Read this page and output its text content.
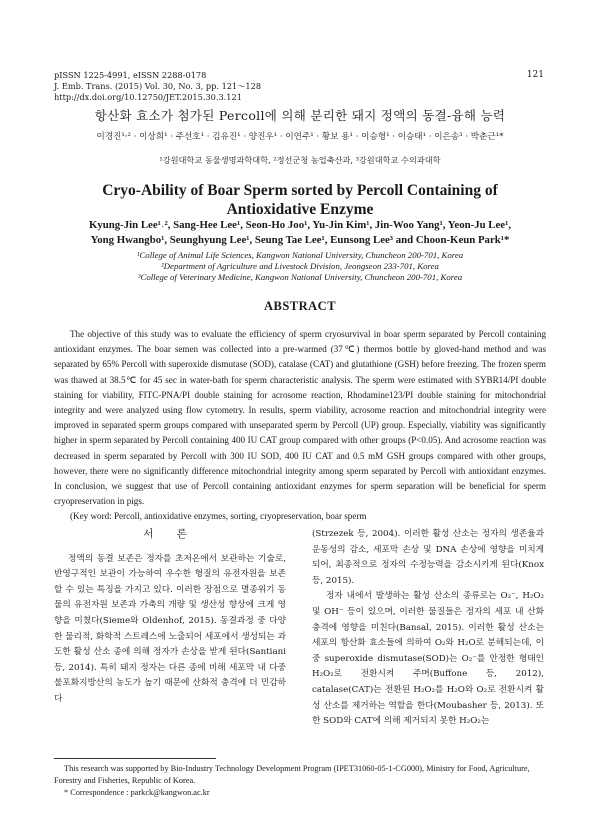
pISSN 1225-4991, eISSN 2288-0178
J. Emb. Trans. (2015) Vol. 30, No. 3, pp. 121～128
http://dx.doi.org/10.12750/JET.2015.30.3.121
121
항산화 효소가 첨가된 Percoll에 의해 분리한 돼지 정액의 동결-융해 능력
이경진¹˒² · 이상희¹ · 주선호¹ · 김유진¹ · 양진우¹ · 이연주¹ · 황보 용¹ · 이승형¹ · 이승태¹ · 이은송³ · 박춘근¹*
¹강원대학교 동물생명과학대학, ²정선군청 농업축산과, ³강원대학교 수의과대학
Cryo-Ability of Boar Sperm sorted by Percoll Containing of
Antioxidative Enzyme
Kyung-Jin Lee¹˒², Sang-Hee Lee¹, Seon-Ho Joo¹, Yu-Jin Kim¹, Jin-Woo Yang¹, Yeon-Ju Lee¹,
Yong Hwangbo¹, Seunghyung Lee¹, Seung Tae Lee¹, Eunsong Lee³ and Choon-Keun Park¹*
¹College of Animal Life Sciences, Kangwon National University, Chuncheon 200-701, Korea
²Department of Agriculture and Livestock Division, Jeongseon 233-701, Korea
³College of Veterinary Medicine, Kangwon National University, Chuncheon 200-701, Korea
ABSTRACT

The objective of this study was to evaluate the efficiency of sperm cryosurvival in boar sperm separated by Percoll containing antioxidant enzymes. The boar semen was collected into a pre-warmed (37℃) thermos bottle by gloved-hand method and was separated by 65% Percoll with superoxide dismutase (SOD), catalase (CAT) and glutathione (GSH) before freezing. The frozen sperm was thawed at 38.5℃ for 45 sec in water-bath for sperm characteristic analysis. The sperm were estimated with SYBR14/PI double staining for viability, FITC-PNA/PI double staining for acrosome reaction, Rhodamine123/PI double staining for mitochondrial integrity and were analyzed using flow cytometry. In results, sperm viability, acrosome reaction and mitochondrial integrity were improved in separated sperm groups compared with unseparated sperm by Percoll (UP) group. Especially, viability was significantly higher in sperm separated by Percoll containing 400 IU CAT group compared with other groups (P<0.05). And acrosome reaction was decreased in sperm separated by Percoll with 300 IU SOD, 400 IU CAT and 0.5 mM GSH groups compared with other groups, however, there were no significantly difference mitochondrial integrity among sperm separated by Percoll with antioxidant enzymes. In conclusion, we suggest that use of Percoll containing antioxidant enzymes for sperm separation will be beneficial for sperm cryopreservation in pigs.

(Key word: Percoll, antioxidative enzymes, sorting, cryopreservation, boar sperm

서 론

정액의 동결 보존은 정자를 초저온에서 보관하는 기술로, 반영구적인 보관이 가능하여 우수한 형질의 유전자원을 보존할 수 있는 특징을 가지고 있다. 이러한 장점으로 멸종위기 동물의 유전자원 보존과 가축의 개량 및 생산성 향상에 크게 영향을 미쳤다(Sieme와 Oldenhof, 2015). 동결과정 중 다양한 물리적, 화학적 스트레스에 노출되어 세포에서 생성되는 과도한 활성 산소 종에 의해 정자가 손상을 받게 된다(Santiani 등, 2014). 특히 돼지 정자는 다른 종에 비해 세포막 내 다중불포화지방산의 농도가 높기 때문에 산화적 충격에 더 민감하다

(Strzezek 등, 2004). 이러한 활성 산소는 정자의 생존율과 운동성의 감소, 세포막 손상 및 DNA 손상에 영향을 미치게 되어, 최종적으로 정자의 수정능력을 감소시키게 된다(Knox 등, 2015).

정자 내에서 발생하는 활성 산소의 종류로는 O₂⁻, H₂O₂ 및 OH⁻ 등이 있으며, 이러한 물질들은 정자의 세포 내 산화 충격에 영향을 미친다(Bansal, 2015). 이러한 활성 산소는 세포의 항산화 효소들에 의하여 O₂와 H₂O로 분해되는데, 이 중 superoxide dismutase(SOD)는 O₂⁻를 안정한 형태인 H₂O₂로 전환시켜 주며(Buffone 등, 2012), catalase(CAT)는 전환된 H₂O₂를 H₂O와 O₂로 전환시켜 활성 산소를 제거하는 역할을 한다(Moubasher 등, 2013). 또한 SOD와 CAT에 의해 제거되지 못한 H₂O₂는

This research was supported by Bio-Industry Technology Development Program (IPET31060-05-1-CG000), Ministry for Food, Agriculture, Forestry and Fisheries, Republic of Korea.

* Correspondence : parkck@kangwon.ac.kr
